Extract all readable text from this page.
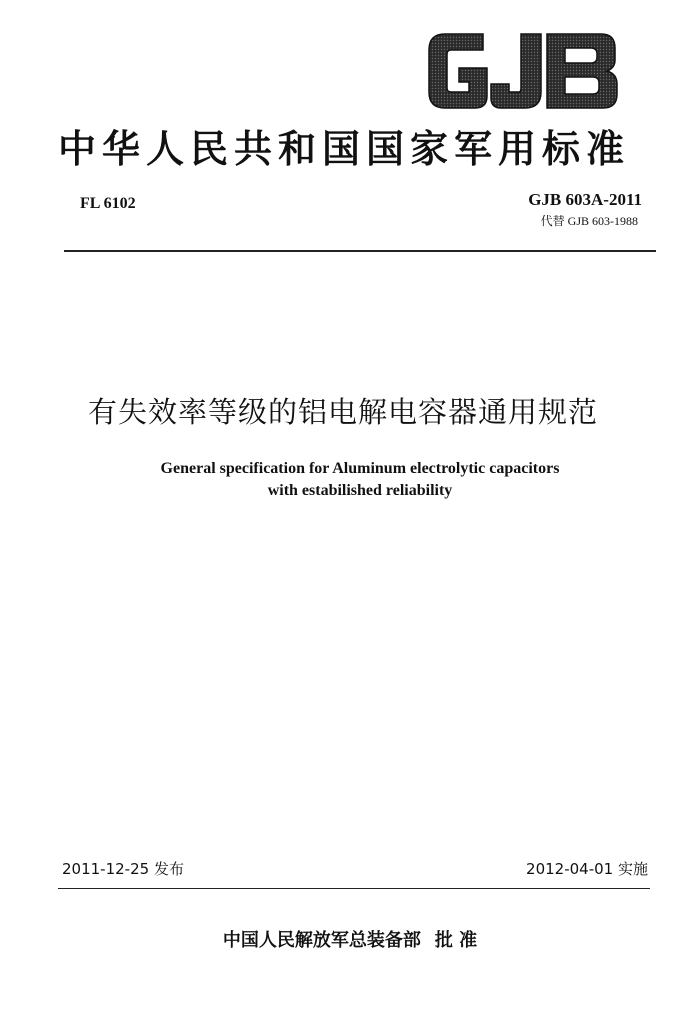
中华人民共和国国家军用标准
FL 6102	GJB 603A-2011
代替 GJB 603-1988
有失效率等级的铝电解电容器通用规范
General specification for Aluminum electrolytic capacitors
with estabilished reliability
2011-12-25 发布	2012-04-01 实施
中国人民解放军总装备部 批 准
